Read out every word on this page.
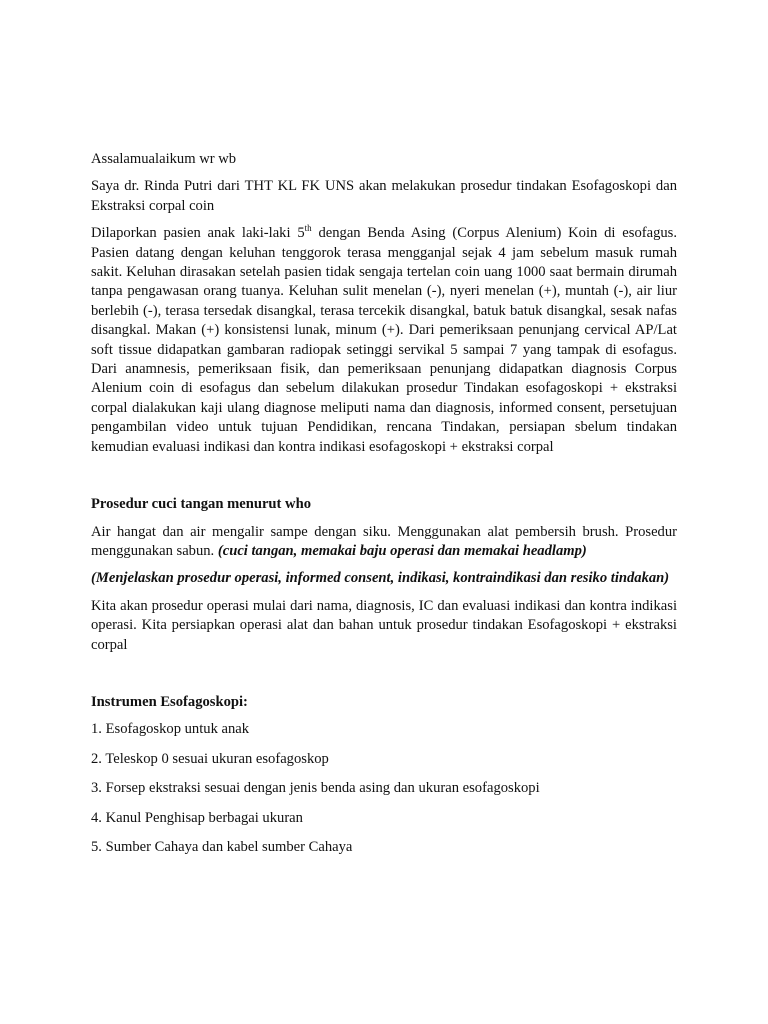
Assalamualaikum wr wb

Saya dr. Rinda Putri dari THT KL FK UNS akan melakukan prosedur tindakan Esofagoskopi dan Ekstraksi corpal coin

Dilaporkan pasien anak laki-laki 5th dengan Benda Asing (Corpus Alenium) Koin di esofagus. Pasien datang dengan keluhan tenggorok terasa mengganjal sejak 4 jam sebelum masuk rumah sakit. Keluhan dirasakan setelah pasien tidak sengaja tertelan coin uang 1000 saat bermain dirumah tanpa pengawasan orang tuanya. Keluhan sulit menelan (-), nyeri menelan (+), muntah (-), air liur berlebih (-), terasa tersedak disangkal, terasa tercekik disangkal, batuk batuk disangkal, sesak nafas disangkal. Makan (+) konsistensi lunak, minum (+). Dari pemeriksaan penunjang cervical AP/Lat soft tissue didapatkan gambaran radiopak setinggi servikal 5 sampai 7 yang tampak di esofagus. Dari anamnesis, pemeriksaan fisik, dan pemeriksaan penunjang didapatkan diagnosis Corpus Alenium coin di esofagus dan sebelum dilakukan prosedur Tindakan esofagoskopi + ekstraksi corpal dialakukan kaji ulang diagnose meliputi nama dan diagnosis, informed consent, persetujuan pengambilan video untuk tujuan Pendidikan, rencana Tindakan, persiapan sbelum tindakan kemudian evaluasi indikasi dan kontra indikasi esofagoskopi + ekstraksi corpal

Prosedur cuci tangan menurut who

Air hangat dan air mengalir sampe dengan siku. Menggunakan alat pembersih brush. Prosedur menggunakan sabun. (cuci tangan, memakai baju operasi dan memakai headlamp)

(Menjelaskan prosedur operasi, informed consent, indikasi, kontraindikasi dan resiko tindakan)

Kita akan prosedur operasi mulai dari nama, diagnosis, IC dan evaluasi indikasi dan kontra indikasi operasi. Kita persiapkan operasi alat dan bahan untuk prosedur tindakan Esofagoskopi + ekstraksi corpal

Instrumen Esofagoskopi:

1. Esofagoskop untuk anak

2. Teleskop 0 sesuai ukuran esofagoskop

3. Forsep ekstraksi sesuai dengan jenis benda asing dan ukuran esofagoskopi

4. Kanul Penghisap berbagai ukuran

5. Sumber Cahaya dan kabel sumber Cahaya
